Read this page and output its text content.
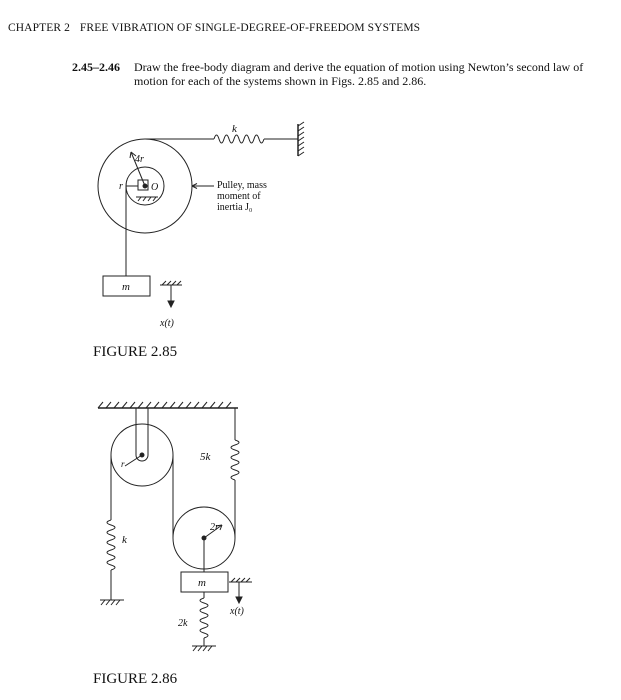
CHAPTER 2 FREE VIBRATION OF SINGLE-DEGREE-OF-FREEDOM SYSTEMS
2.45–2.46 Draw the free-body diagram and derive the equation of motion using Newton’s second law of motion for each of the systems shown in Figs. 2.85 and 2.86.
k
4r
r	O	Pulley, mass
moment of
inertia J₀
m
x(t)
FIGURE 2.85
r
k
5k
2r
m
2k
x(t)
FIGURE 2.86
